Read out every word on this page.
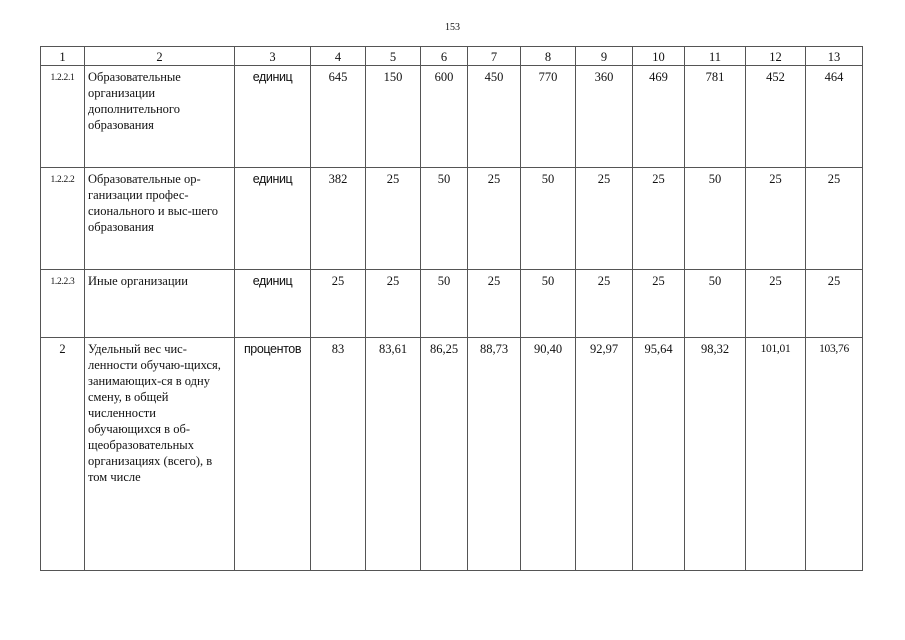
153
1	2	3	4	5	6	7	8	9	10	11	12	13
1.2.2.1	Образовательные организации дополнительного образования	единиц	645	150	600	450	770	360	469	781	452	464
1.2.2.2	Образовательные ор-ганизации профес-сионального и выс-шего образования	единиц	382	25	50	25	50	25	25	50	25	25
1.2.2.3	Иные организации	единиц	25	25	50	25	50	25	25	50	25	25
2	Удельный вес чис-ленности обучаю-щихся, занимающих-ся в одну смену, в общей численности обучающихся в об-щеобразовательных организациях (всего), в том числе	процентов	83	83,61	86,25	88,73	90,40	92,97	95,64	98,32	101,01	103,76
